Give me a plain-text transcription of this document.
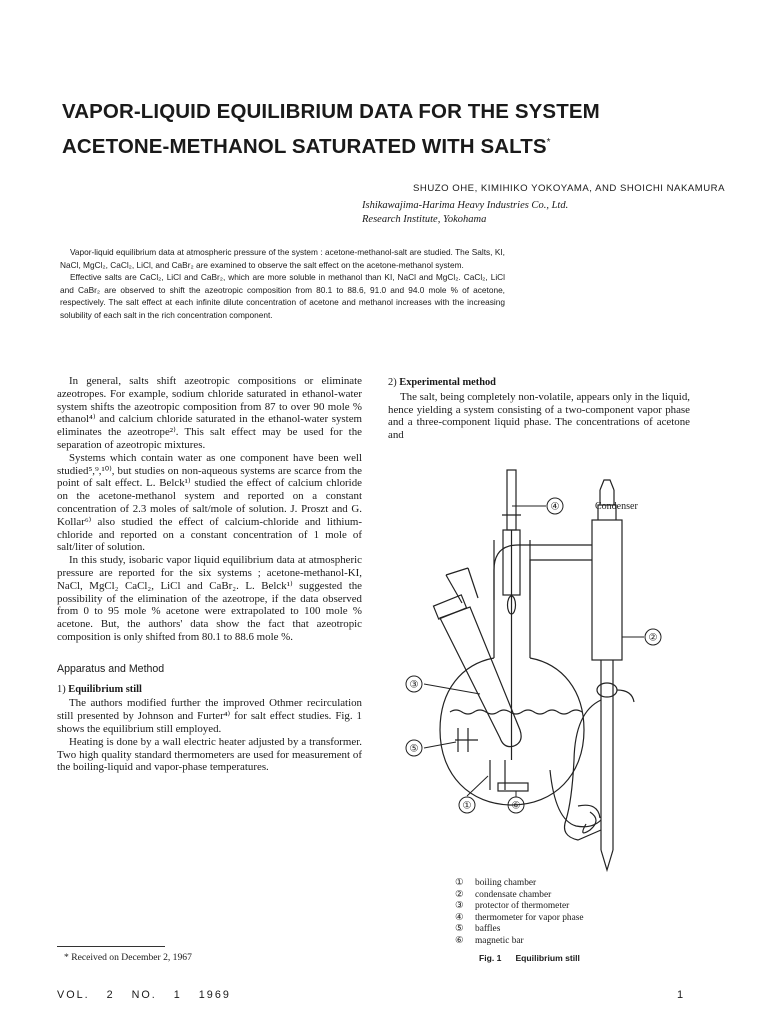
VAPOR-LIQUID EQUILIBRIUM DATA FOR THE SYSTEM
ACETONE-METHANOL SATURATED WITH SALTS*
SHUZO OHE, KIMIHIKO YOKOYAMA, AND SHOICHI NAKAMURA
Ishikawajima-Harima Heavy Industries Co., Ltd.
Research Institute, Yokohama

Vapor-liquid equilibrium data at atmospheric pressure of the system : acetone-methanol-salt are studied. The Salts, KI, NaCl, MgCl₂, CaCl₂, LiCl, and CaBr₂ are examined to observe the salt effect on the acetone-methanol system.

Effective salts are CaCl₂, LiCl and CaBr₂, which are more soluble in methanol than KI, NaCl and MgCl₂. CaCl₂, LiCl and CaBr₂ are observed to shift the azeotropic composition from 80.1 to 88.6, 91.0 and 94.0 mole % of acetone, respectively. The salt effect at each infinite dilute concentration of acetone and methanol increases with the increasing solubility of each salt in the rich concentration component.

In general, salts shift azeotropic compositions or eliminate azeotropes. For example, sodium chloride saturated in ethanol-water system shifts the azeotropic composition from 87 to over 90 mole % ethanol⁴⁾ and calcium chloride saturated in the ethanol-water system eliminates the azeotrope²⁾. This salt effect may be used for the separation of azeotropic mixtures.

Systems which contain water as one component have been well studied⁵,⁹,¹⁰⁾, but studies on non-aqueous systems are scarce from the point of salt effect. L. Belck¹⁾ studied the effect of calcium chloride on the acetone-methanol system and reported on a constant concentration of 2.3 moles of salt/mole of solution. J. Proszt and G. Kollar⁶⁾ also studied the effect of calcium-chloride and lithium-chloride and reported on a constant concentration of 1 mole of salt/liter of solution.

In this study, isobaric vapor liquid equilibrium data at atmospheric pressure are reported for the six systems ; acetone-methanol-KI, NaCl, MgCl₂ CaCl₂, LiCl and CaBr₂. L. Belck¹⁾ suggested the possibility of the elimination of the azeotrope, if the data observed from 0 to 95 mole % acetone were extrapolated to 100 mole % acetone. But, the authors' data show the fact that azeotropic composition is only shifted from 80.1 to 88.6 mole %.

Apparatus and Method
1) Equilibrium still

The authors modified further the improved Othmer recirculation still presented by Johnson and Furter⁴⁾ for salt effect studies. Fig. 1 shows the equilibrium still employed.

Heating is done by a wall electric heater adjusted by a transformer. Two high quality standard thermometers are used for measurement of the boiling-liquid and vapor-phase temperatures.

2) Experimental method

The salt, being completely non-volatile, appears only in the liquid, hence yielding a system consisting of a two-component vapor phase and a three-component liquid phase. The concentrations of acetone and

④
②
③
⑤
①	⑥
Condenser
① boiling chamber
② condensate chamber
③ protector of thermometer
④ thermometer for vapor phase
⑤ baffles
⑥ magnetic bar
Fig. 1 Equilibrium still
* Received on December 2, 1967
VOL. 2 NO. 1 1969	1
